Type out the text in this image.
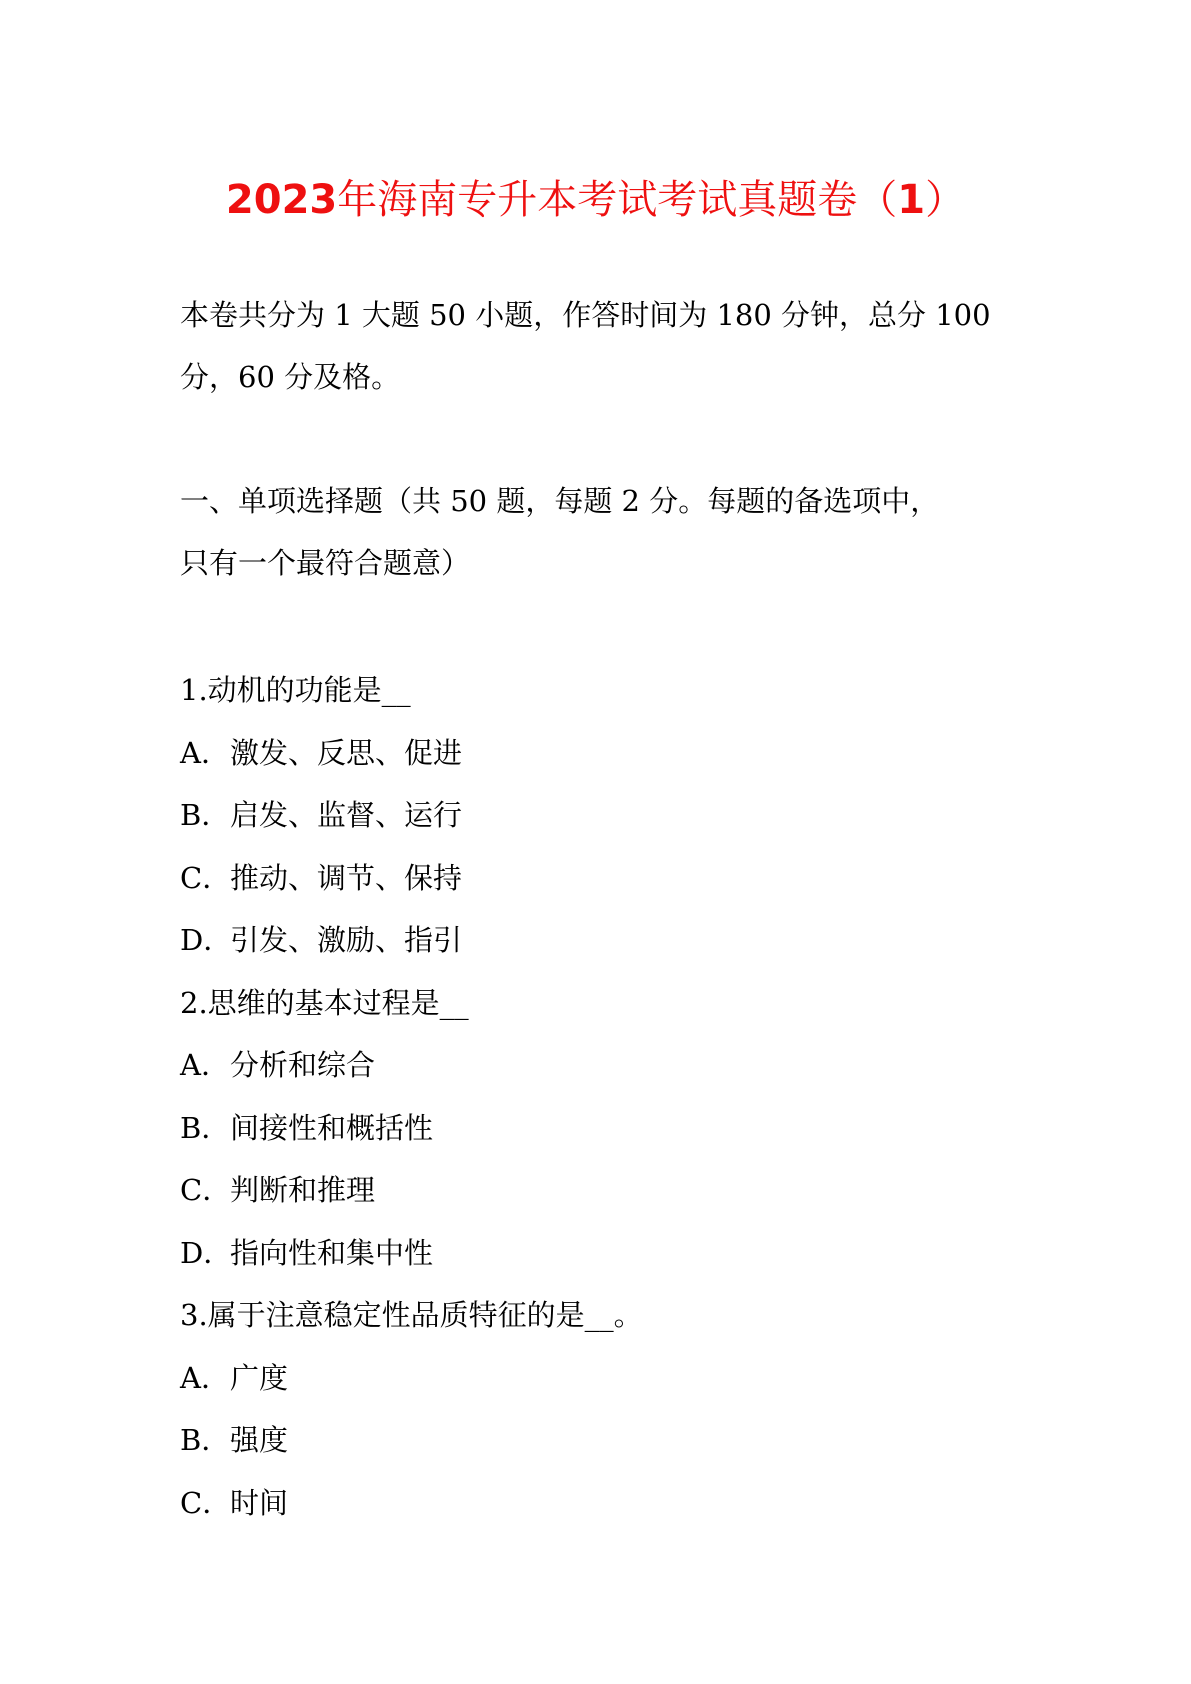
2023年海南专升本考试考试真题卷（1）

本卷共分为 1 大题 50 小题，作答时间为 180 分钟，总分 100

分，60 分及格。

一、单项选择题（共 50 题，每题 2 分。每题的备选项中，

只有一个最符合题意）

1.动机的功能是__
A．激发、反思、促进
B．启发、监督、运行
C．推动、调节、保持
D．引发、激励、指引
2.思维的基本过程是__
A．分析和综合
B．间接性和概括性
C．判断和推理
D．指向性和集中性
3.属于注意稳定性品质特征的是__。
A．广度
B．强度
C．时间
